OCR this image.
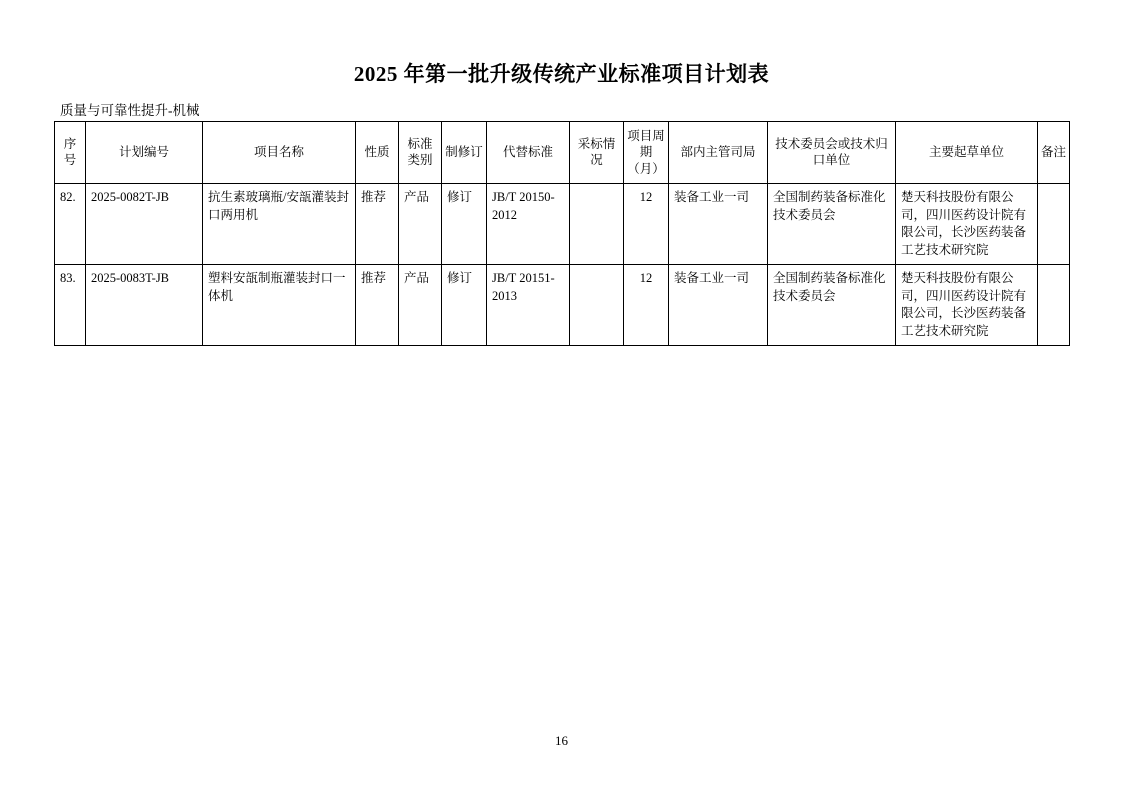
2025 年第一批升级传统产业标准项目计划表
质量与可靠性提升-机械
序号	计划编号	项目名称	性质	标准类别	制修订	代替标准	采标情况	项目周期（月）	部内主管司局	技术委员会或技术归口单位	主要起草单位	备注
82.	2025-0082T-JB	抗生素玻璃瓶/安瓿灌装封口两用机	推荐	产品	修订	JB/T 20150-2012		12	装备工业一司	全国制药装备标准化技术委员会	楚天科技股份有限公司，四川医药设计院有限公司，长沙医药装备工艺技术研究院	
83.	2025-0083T-JB	塑料安瓿制瓶灌装封口一体机	推荐	产品	修订	JB/T 20151-2013		12	装备工业一司	全国制药装备标准化技术委员会	楚天科技股份有限公司，四川医药设计院有限公司，长沙医药装备工艺技术研究院	
16
